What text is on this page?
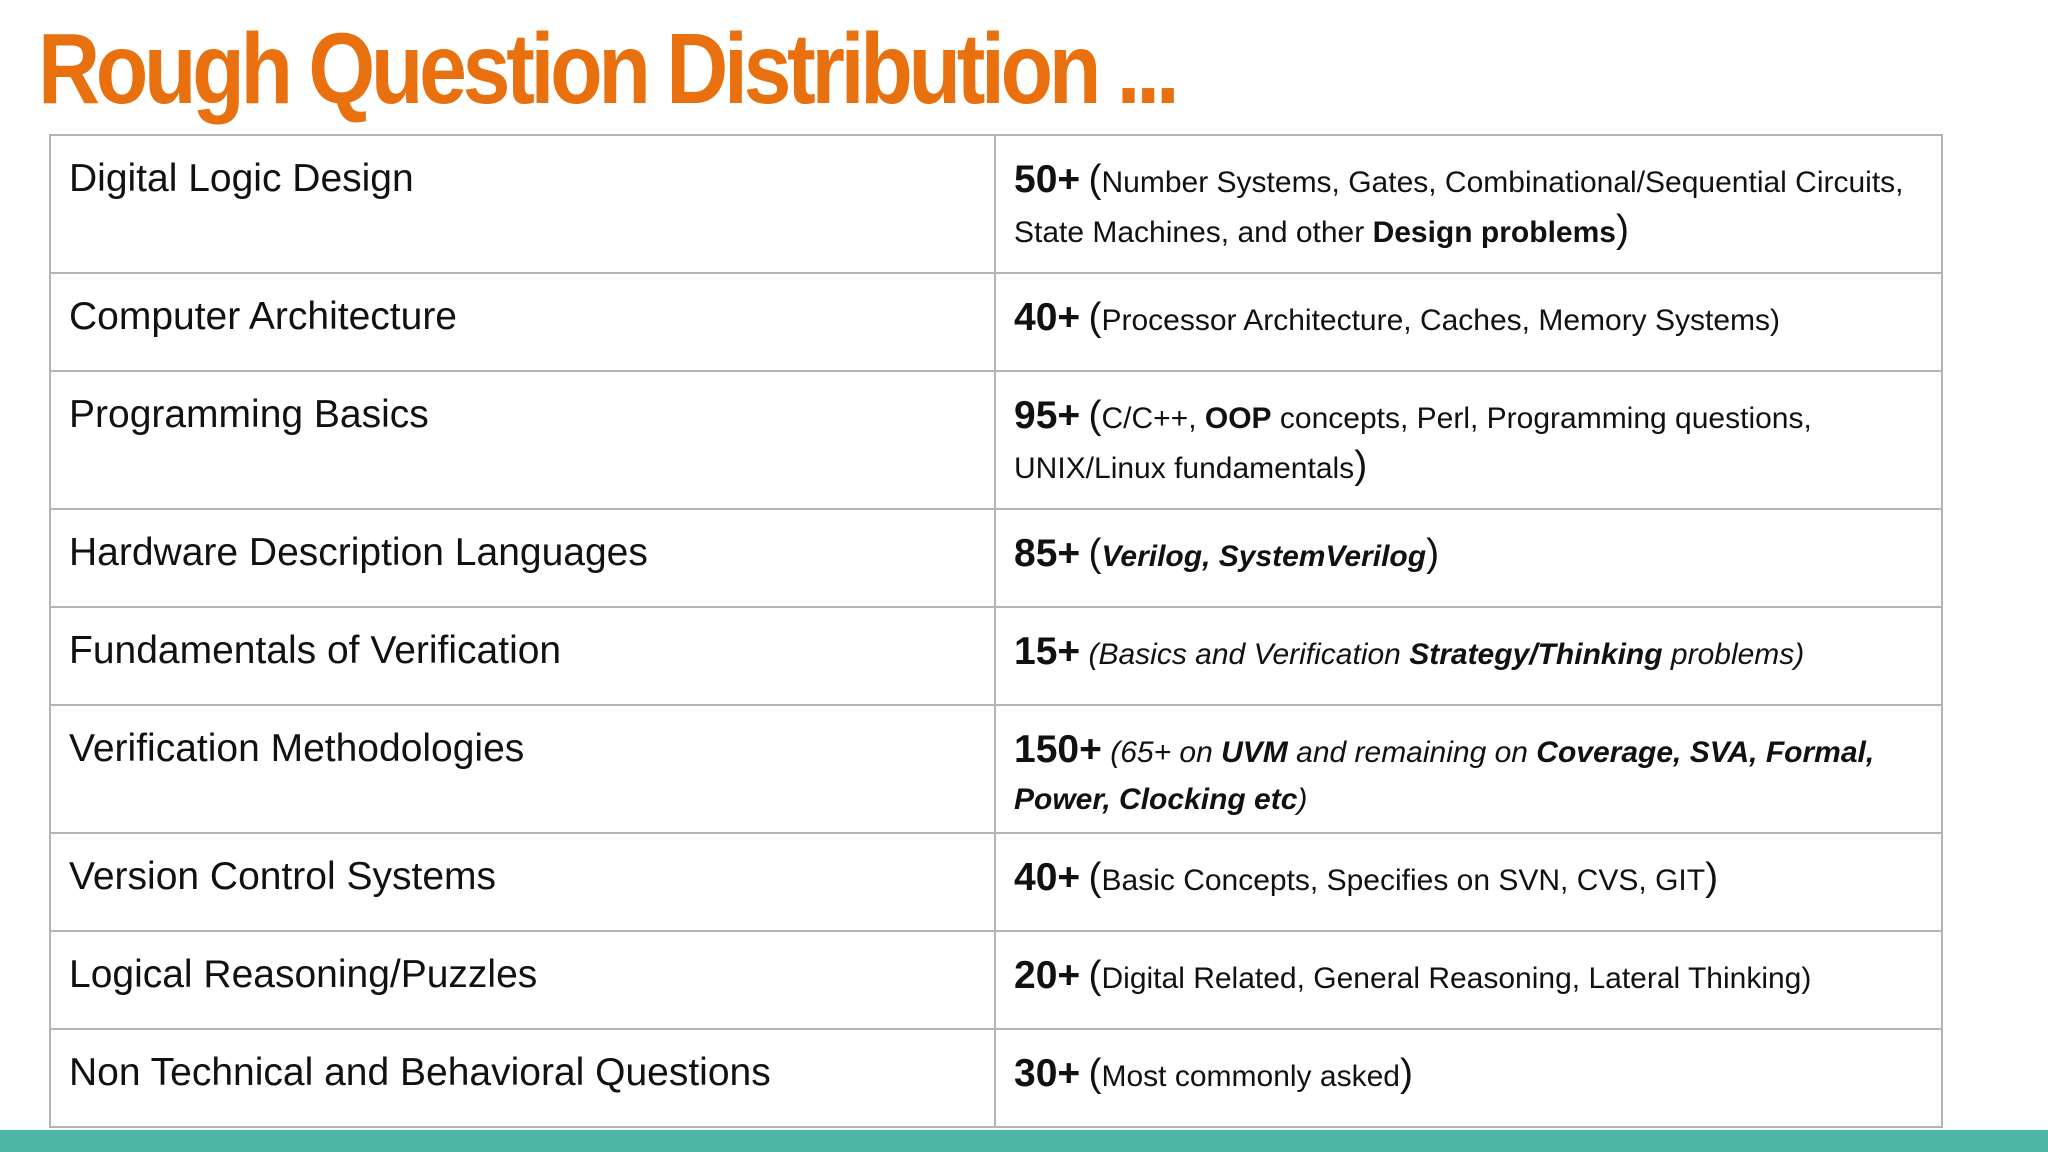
Rough Question Distribution ...
Digital Logic Design	50+ (Number Systems, Gates, Combinational/Sequential Circuits, State Machines, and other Design problems)
Computer Architecture	40+ (Processor Architecture, Caches, Memory Systems)
Programming Basics	95+ (C/C++, OOP concepts, Perl, Programming questions, UNIX/Linux fundamentals)
Hardware Description Languages	85+ (Verilog, SystemVerilog)
Fundamentals of Verification	15+ (Basics and Verification Strategy/Thinking problems)
Verification Methodologies	150+ (65+ on UVM and remaining on Coverage, SVA, Formal, Power, Clocking etc)
Version Control Systems	40+ (Basic Concepts, Specifies on SVN, CVS, GIT)
Logical Reasoning/Puzzles	20+ (Digital Related, General Reasoning, Lateral Thinking)
Non Technical and Behavioral Questions	30+ (Most commonly asked)
